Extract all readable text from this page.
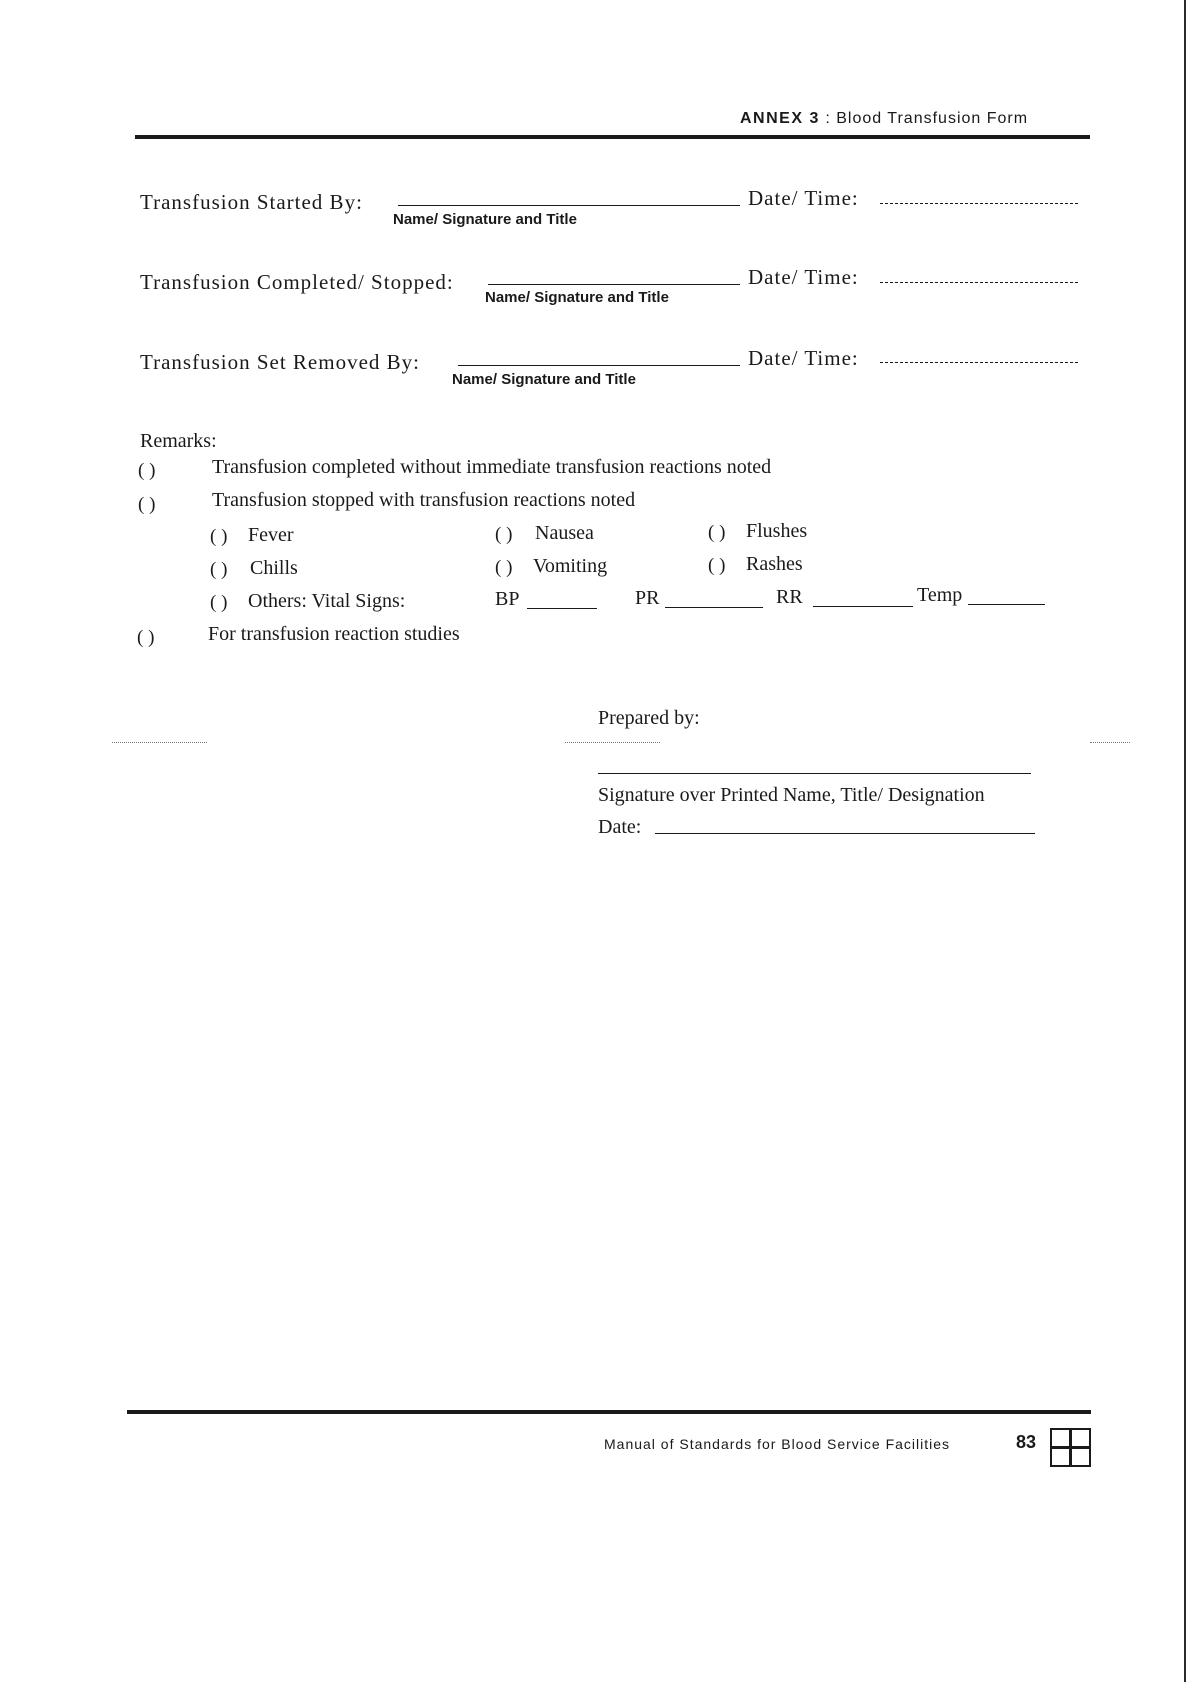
ANNEX 3 : Blood Transfusion Form
Transfusion Started By:
Name/ Signature and Title
Date/ Time:
Transfusion Completed/ Stopped:
Name/ Signature and Title
Date/ Time:
Transfusion Set Removed By:
Name/ Signature and Title
Date/ Time:
Remarks:
( )	Transfusion completed without immediate transfusion reactions noted
( )	Transfusion stopped with transfusion reactions noted
( ) Fever	( ) Nausea	( ) Flushes
( ) Chills	( ) Vomiting	( ) Rashes
( ) Others: Vital Signs:	BP	PR	RR	Temp
( )	For transfusion reaction studies
Prepared by:
Signature over Printed Name, Title/ Designation
Date:
Manual of Standards for Blood Service Facilities	83
